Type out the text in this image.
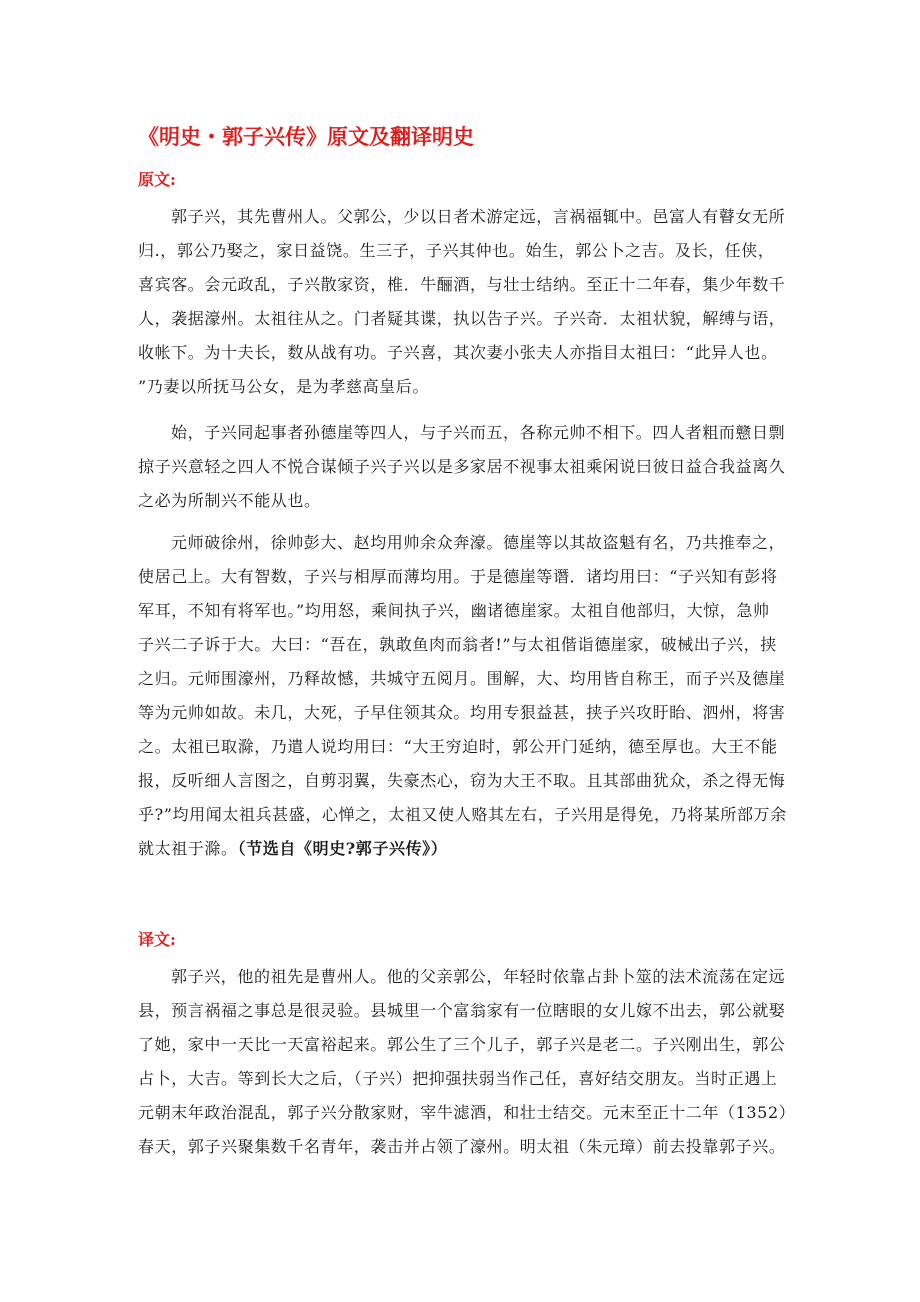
《明史・郭子兴传》原文及翻译明史
原文:
郭子兴，其先曹州人。父郭公，少以日者术游定远，言祸福辄中。邑富人有瞽女无所
归.，郭公乃娶之，家日益饶。生三子，子兴其仲也。始生，郭公卜之吉。及长，任侠，
喜宾客。会元政乱，子兴散家资，椎．牛酾酒，与壮士结纳。至正十二年春，集少年数千
人，袭据濠州。太祖往从之。门者疑其谍，执以告子兴。子兴奇．太祖状貌，解缚与语，
收帐下。为十夫长，数从战有功。子兴喜，其次妻小张夫人亦指目太祖曰：“此异人也。
”乃妻以所抚马公女，是为孝慈高皇后。
始，子兴同起事者孙德崖等四人，与子兴而五，各称元帅不相下。四人者粗而戆日剽
掠子兴意轻之四人不悦合谋倾子兴子兴以是多家居不视事太祖乘闲说曰彼日益合我益离久
之必为所制兴不能从也。
元师破徐州，徐帅彭大、赵均用帅余众奔濠。德崖等以其故盗魁有名，乃共推奉之，
使居己上。大有智数，子兴与相厚而薄均用。于是德崖等谮．诸均用曰：“子兴知有彭将
军耳，不知有将军也。”均用怒，乘间执子兴，幽诸德崖家。太祖自他部归，大惊，急帅
子兴二子诉于大。大曰：“吾在，孰敢鱼肉而翁者!”与太祖偕诣德崖家，破械出子兴，挟
之归。元师围濠州，乃释故憾，共城守五阅月。围解，大、均用皆自称王，而子兴及德崖
等为元帅如故。未几，大死，子早住领其众。均用专狠益甚，挟子兴攻盱眙、泗州，将害
之。太祖已取滁，乃遣人说均用曰：“大王穷迫时，郭公开门延纳，德至厚也。大王不能
报，反听细人言图之，自剪羽翼，失豪杰心，窃为大王不取。且其部曲犹众，杀之得无悔
乎?”均用闻太祖兵甚盛，心惮之，太祖又使人赂其左右，子兴用是得免，乃将某所部万余
就太祖于滁。（节选自《明史?郭子兴传》）
译文:
郭子兴，他的祖先是曹州人。他的父亲郭公，年轻时依靠占卦卜筮的法术流荡在定远
县，预言祸福之事总是很灵验。县城里一个富翁家有一位瞎眼的女儿嫁不出去，郭公就娶
了她，家中一天比一天富裕起来。郭公生了三个儿子，郭子兴是老二。子兴刚出生，郭公
占卜，大吉。等到长大之后，（子兴）把抑强扶弱当作己任，喜好结交朋友。当时正遇上
元朝末年政治混乱，郭子兴分散家财，宰牛滤酒，和壮士结交。元末至正十二年（1352）
春天，郭子兴聚集数千名青年，袭击并占领了濠州。明太祖（朱元璋）前去投靠郭子兴。
